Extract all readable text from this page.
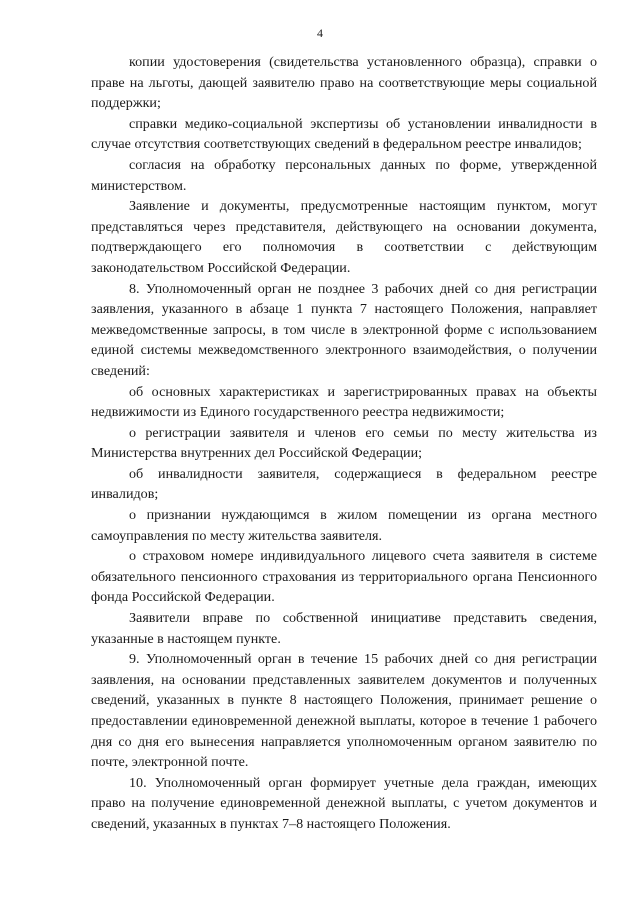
4

копии удостоверения (свидетельства установленного образца), справки о праве на льготы, дающей заявителю право на соответствующие меры социальной поддержки;

справки медико-социальной экспертизы об установлении инвалидности в случае отсутствия соответствующих сведений в федеральном реестре инвалидов;

согласия на обработку персональных данных по форме, утвержденной министерством.

Заявление и документы, предусмотренные настоящим пунктом, могут представляться через представителя, действующего на основании документа, подтверждающего его полномочия в соответствии с действующим законодательством Российской Федерации.

8. Уполномоченный орган не позднее 3 рабочих дней со дня регистрации заявления, указанного в абзаце 1 пункта 7 настоящего Положения, направляет межведомственные запросы, в том числе в электронной форме с использованием единой системы межведомственного электронного взаимодействия, о получении сведений:

об основных характеристиках и зарегистрированных правах на объекты недвижимости из Единого государственного реестра недвижимости;

о регистрации заявителя и членов его семьи по месту жительства из Министерства внутренних дел Российской Федерации;

об инвалидности заявителя, содержащиеся в федеральном реестре инвалидов;

о признании нуждающимся в жилом помещении из органа местного самоуправления по месту жительства заявителя.

о страховом номере индивидуального лицевого счета заявителя в системе обязательного пенсионного страхования из территориального органа Пенсионного фонда Российской Федерации.

Заявители вправе по собственной инициативе представить сведения, указанные в настоящем пункте.

9. Уполномоченный орган в течение 15 рабочих дней со дня регистрации заявления, на основании представленных заявителем документов и полученных сведений, указанных в пункте 8 настоящего Положения, принимает решение о предоставлении единовременной денежной выплаты, которое в течение 1 рабочего дня со дня его вынесения направляется уполномоченным органом заявителю по почте, электронной почте.

10. Уполномоченный орган формирует учетные дела граждан, имеющих право на получение единовременной денежной выплаты, с учетом документов и сведений, указанных в пунктах 7–8 настоящего Положения.
